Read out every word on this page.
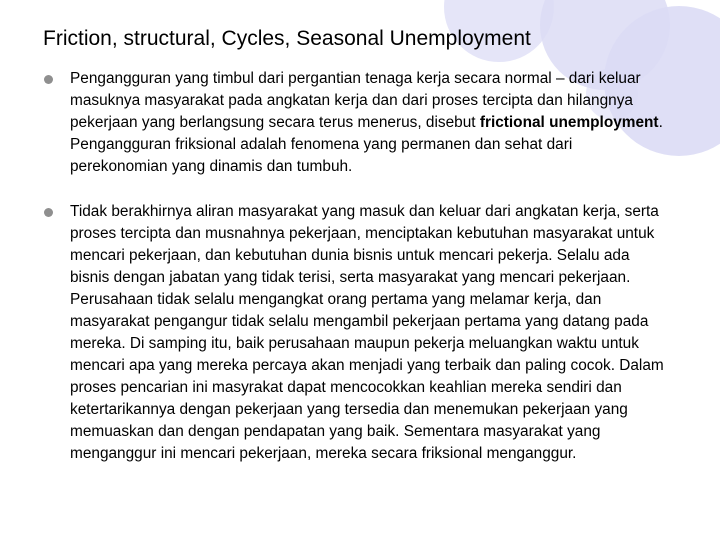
Friction, structural, Cycles, Seasonal Unemployment
Pengangguran yang timbul dari pergantian tenaga kerja secara normal – dari keluar masuknya masyarakat pada angkatan kerja dan dari proses tercipta dan hilangnya pekerjaan yang berlangsung secara terus menerus, disebut frictional unemployment. Pengangguran friksional adalah fenomena yang permanen dan sehat dari perekonomian yang dinamis dan tumbuh.
Tidak berakhirnya aliran masyarakat yang masuk dan keluar dari angkatan kerja, serta proses tercipta dan musnahnya pekerjaan, menciptakan kebutuhan masyarakat untuk mencari pekerjaan, dan kebutuhan dunia bisnis untuk mencari pekerja. Selalu ada bisnis dengan jabatan yang tidak terisi, serta masyarakat yang mencari pekerjaan. Perusahaan tidak selalu mengangkat orang pertama yang melamar kerja, dan masyarakat pengangur tidak selalu mengambil pekerjaan pertama yang datang pada mereka. Di samping itu, baik perusahaan maupun pekerja meluangkan waktu untuk mencari apa yang mereka percaya akan menjadi yang terbaik dan paling cocok. Dalam proses pencarian ini masyrakat dapat mencocokkan keahlian mereka sendiri dan ketertarikannya dengan pekerjaan yang tersedia dan menemukan pekerjaan yang memuaskan dan dengan pendapatan yang baik. Sementara masyarakat yang menganggur ini mencari pekerjaan, mereka secara friksional menganggur.
